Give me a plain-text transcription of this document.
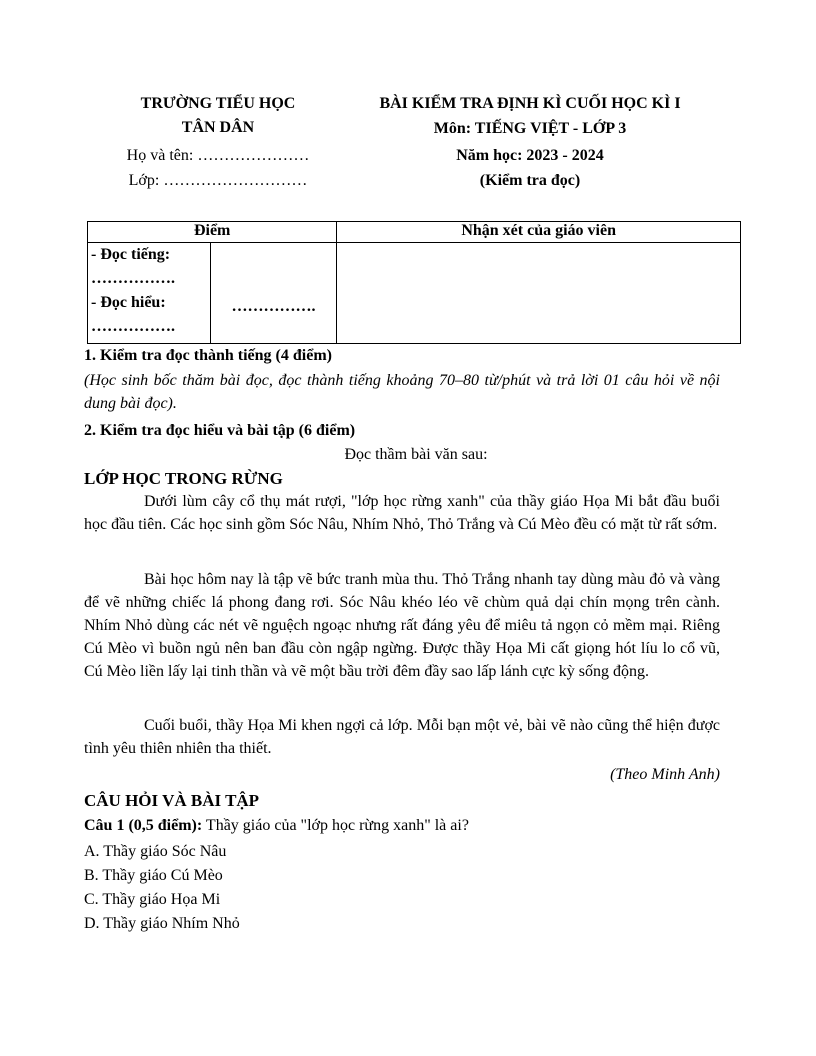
TRƯỜNG TIỂU HỌC
TÂN DÂN
Họ và tên: …………………
Lớp: ………………………
BÀI KIỂM TRA ĐỊNH KÌ CUỐI HỌC KÌ I
Môn: TIẾNG VIỆT - LỚP 3
Năm học: 2023 - 2024
(Kiểm tra đọc)
Điểm		Nhận xét của giáo viên

- Đọc tiếng:
…………….
- Đọc hiểu:
…………….	…………….	
1. Kiểm tra đọc thành tiếng (4 điểm)
(Học sinh bốc thăm bài đọc, đọc thành tiếng khoảng 70–80 từ/phút và trả lời 01 câu hỏi về nội dung bài đọc).
2. Kiểm tra đọc hiểu và bài tập (6 điểm)
Đọc thầm bài văn sau:
LỚP HỌC TRONG RỪNG
Dưới lùm cây cổ thụ mát rượi, "lớp học rừng xanh" của thầy giáo Họa Mi bắt đầu buổi học đầu tiên. Các học sinh gồm Sóc Nâu, Nhím Nhỏ, Thỏ Trắng và Cú Mèo đều có mặt từ rất sớm.
Bài học hôm nay là tập vẽ bức tranh mùa thu. Thỏ Trắng nhanh tay dùng màu đỏ và vàng để vẽ những chiếc lá phong đang rơi. Sóc Nâu khéo léo vẽ chùm quả dại chín mọng trên cành. Nhím Nhỏ dùng các nét vẽ nguệch ngoạc nhưng rất đáng yêu để miêu tả ngọn cỏ mềm mại. Riêng Cú Mèo vì buồn ngủ nên ban đầu còn ngập ngừng. Được thầy Họa Mi cất giọng hót líu lo cổ vũ, Cú Mèo liền lấy lại tinh thần và vẽ một bầu trời đêm đầy sao lấp lánh cực kỳ sống động.
Cuối buổi, thầy Họa Mi khen ngợi cả lớp. Mỗi bạn một vẻ, bài vẽ nào cũng thể hiện được tình yêu thiên nhiên tha thiết.
(Theo Minh Anh)
CÂU HỎI VÀ BÀI TẬP
Câu 1 (0,5 điểm): Thầy giáo của "lớp học rừng xanh" là ai?
A. Thầy giáo Sóc Nâu
B. Thầy giáo Cú Mèo
C. Thầy giáo Họa Mi
D. Thầy giáo Nhím Nhỏ
